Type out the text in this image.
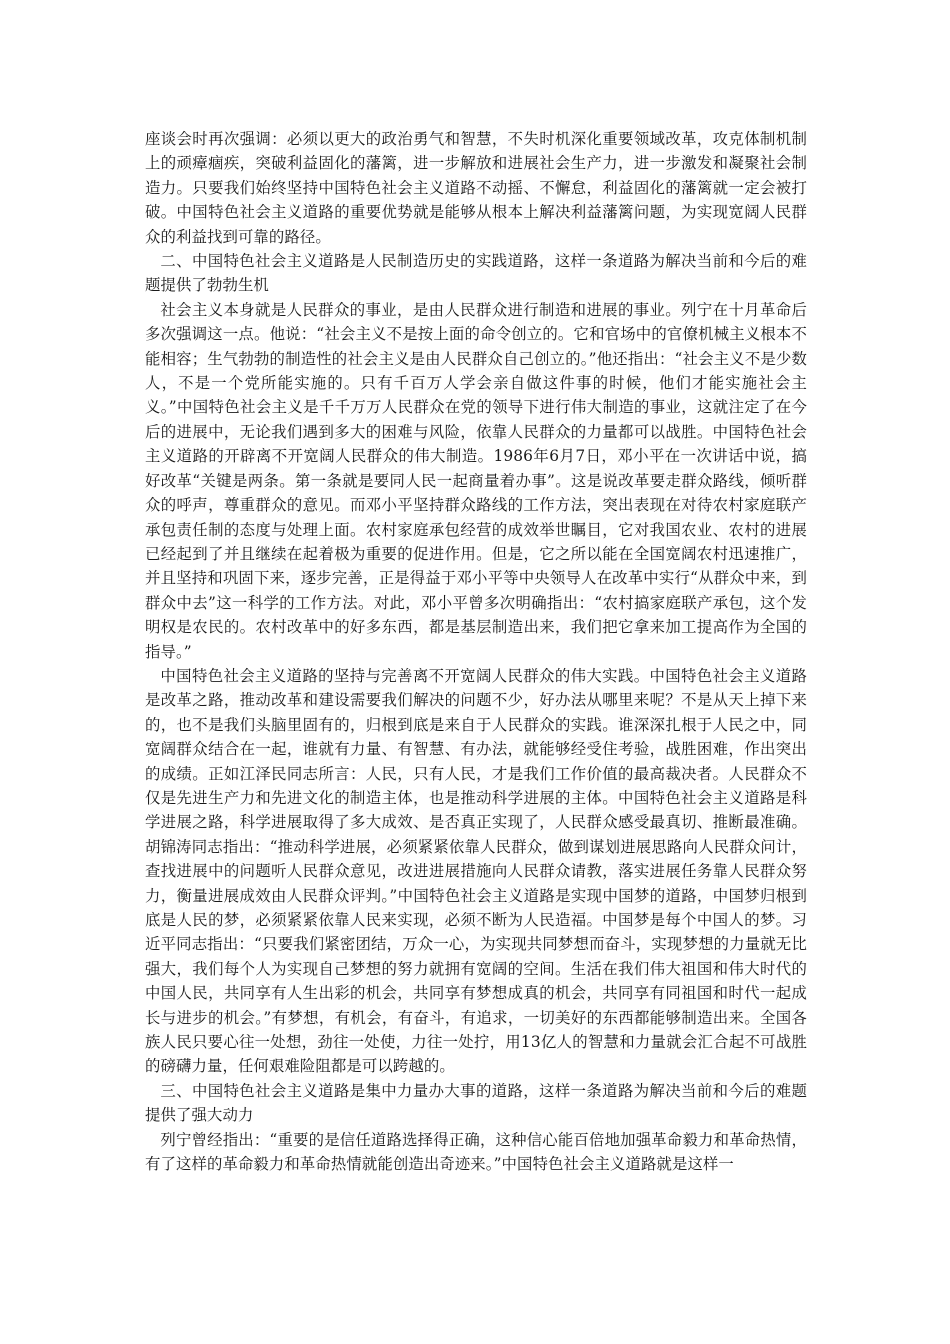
座谈会时再次强调：必须以更大的政治勇气和智慧，不失时机深化重要领域改革，攻克体制机制上的顽瘴痼疾，突破利益固化的藩篱，进一步解放和进展社会生产力，进一步激发和凝聚社会制造力。只要我们始终坚持中国特色社会主义道路不动摇、不懈怠，利益固化的藩篱就一定会被打破。中国特色社会主义道路的重要优势就是能够从根本上解决利益藩篱问题，为实现宽阔人民群众的利益找到可靠的路径。

二、中国特色社会主义道路是人民制造历史的实践道路，这样一条道路为解决当前和今后的难题提供了勃勃生机

社会主义本身就是人民群众的事业，是由人民群众进行制造和进展的事业。列宁在十月革命后多次强调这一点。他说：“社会主义不是按上面的命令创立的。它和官场中的官僚机械主义根本不能相容；生气勃勃的制造性的社会主义是由人民群众自己创立的。”他还指出：“社会主义不是少数人，不是一个党所能实施的。只有千百万人学会亲自做这件事的时候，他们才能实施社会主义。”中国特色社会主义是千千万万人民群众在党的领导下进行伟大制造的事业，这就注定了在今后的进展中，无论我们遇到多大的困难与风险，依靠人民群众的力量都可以战胜。中国特色社会主义道路的开辟离不开宽阔人民群众的伟大制造。1986年6月7日，邓小平在一次讲话中说，搞好改革“关键是两条。第一条就是要同人民一起商量着办事”。这是说改革要走群众路线，倾听群众的呼声，尊重群众的意见。而邓小平坚持群众路线的工作方法，突出表现在对待农村家庭联产承包责任制的态度与处理上面。农村家庭承包经营的成效举世瞩目，它对我国农业、农村的进展已经起到了并且继续在起着极为重要的促进作用。但是，它之所以能在全国宽阔农村迅速推广，并且坚持和巩固下来，逐步完善，正是得益于邓小平等中央领导人在改革中实行“从群众中来，到群众中去”这一科学的工作方法。对此，邓小平曾多次明确指出：“农村搞家庭联产承包，这个发明权是农民的。农村改革中的好多东西，都是基层制造出来，我们把它拿来加工提高作为全国的指导。”

中国特色社会主义道路的坚持与完善离不开宽阔人民群众的伟大实践。中国特色社会主义道路是改革之路，推动改革和建设需要我们解决的问题不少，好办法从哪里来呢？不是从天上掉下来的，也不是我们头脑里固有的，归根到底是来自于人民群众的实践。谁深深扎根于人民之中，同宽阔群众结合在一起，谁就有力量、有智慧、有办法，就能够经受住考验，战胜困难，作出突出的成绩。正如江泽民同志所言：人民，只有人民，才是我们工作价值的最高裁决者。人民群众不仅是先进生产力和先进文化的制造主体，也是推动科学进展的主体。中国特色社会主义道路是科学进展之路，科学进展取得了多大成效、是否真正实现了，人民群众感受最真切、推断最准确。胡锦涛同志指出：“推动科学进展，必须紧紧依靠人民群众，做到谋划进展思路向人民群众问计，查找进展中的问题听人民群众意见，改进进展措施向人民群众请教，落实进展任务靠人民群众努力，衡量进展成效由人民群众评判。”中国特色社会主义道路是实现中国梦的道路，中国梦归根到底是人民的梦，必须紧紧依靠人民来实现，必须不断为人民造福。中国梦是每个中国人的梦。习近平同志指出：“只要我们紧密团结，万众一心，为实现共同梦想而奋斗，实现梦想的力量就无比强大，我们每个人为实现自己梦想的努力就拥有宽阔的空间。生活在我们伟大祖国和伟大时代的中国人民，共同享有人生出彩的机会，共同享有梦想成真的机会，共同享有同祖国和时代一起成长与进步的机会。”有梦想，有机会，有奋斗，有追求，一切美好的东西都能够制造出来。全国各族人民只要心往一处想，劲往一处使，力往一处拧，用13亿人的智慧和力量就会汇合起不可战胜的磅礴力量，任何艰难险阻都是可以跨越的。

三、中国特色社会主义道路是集中力量办大事的道路，这样一条道路为解决当前和今后的难题提供了强大动力

列宁曾经指出：“重要的是信任道路选择得正确，这种信心能百倍地加强革命毅力和革命热情，有了这样的革命毅力和革命热情就能创造出奇迹来。”中国特色社会主义道路就是这样一
